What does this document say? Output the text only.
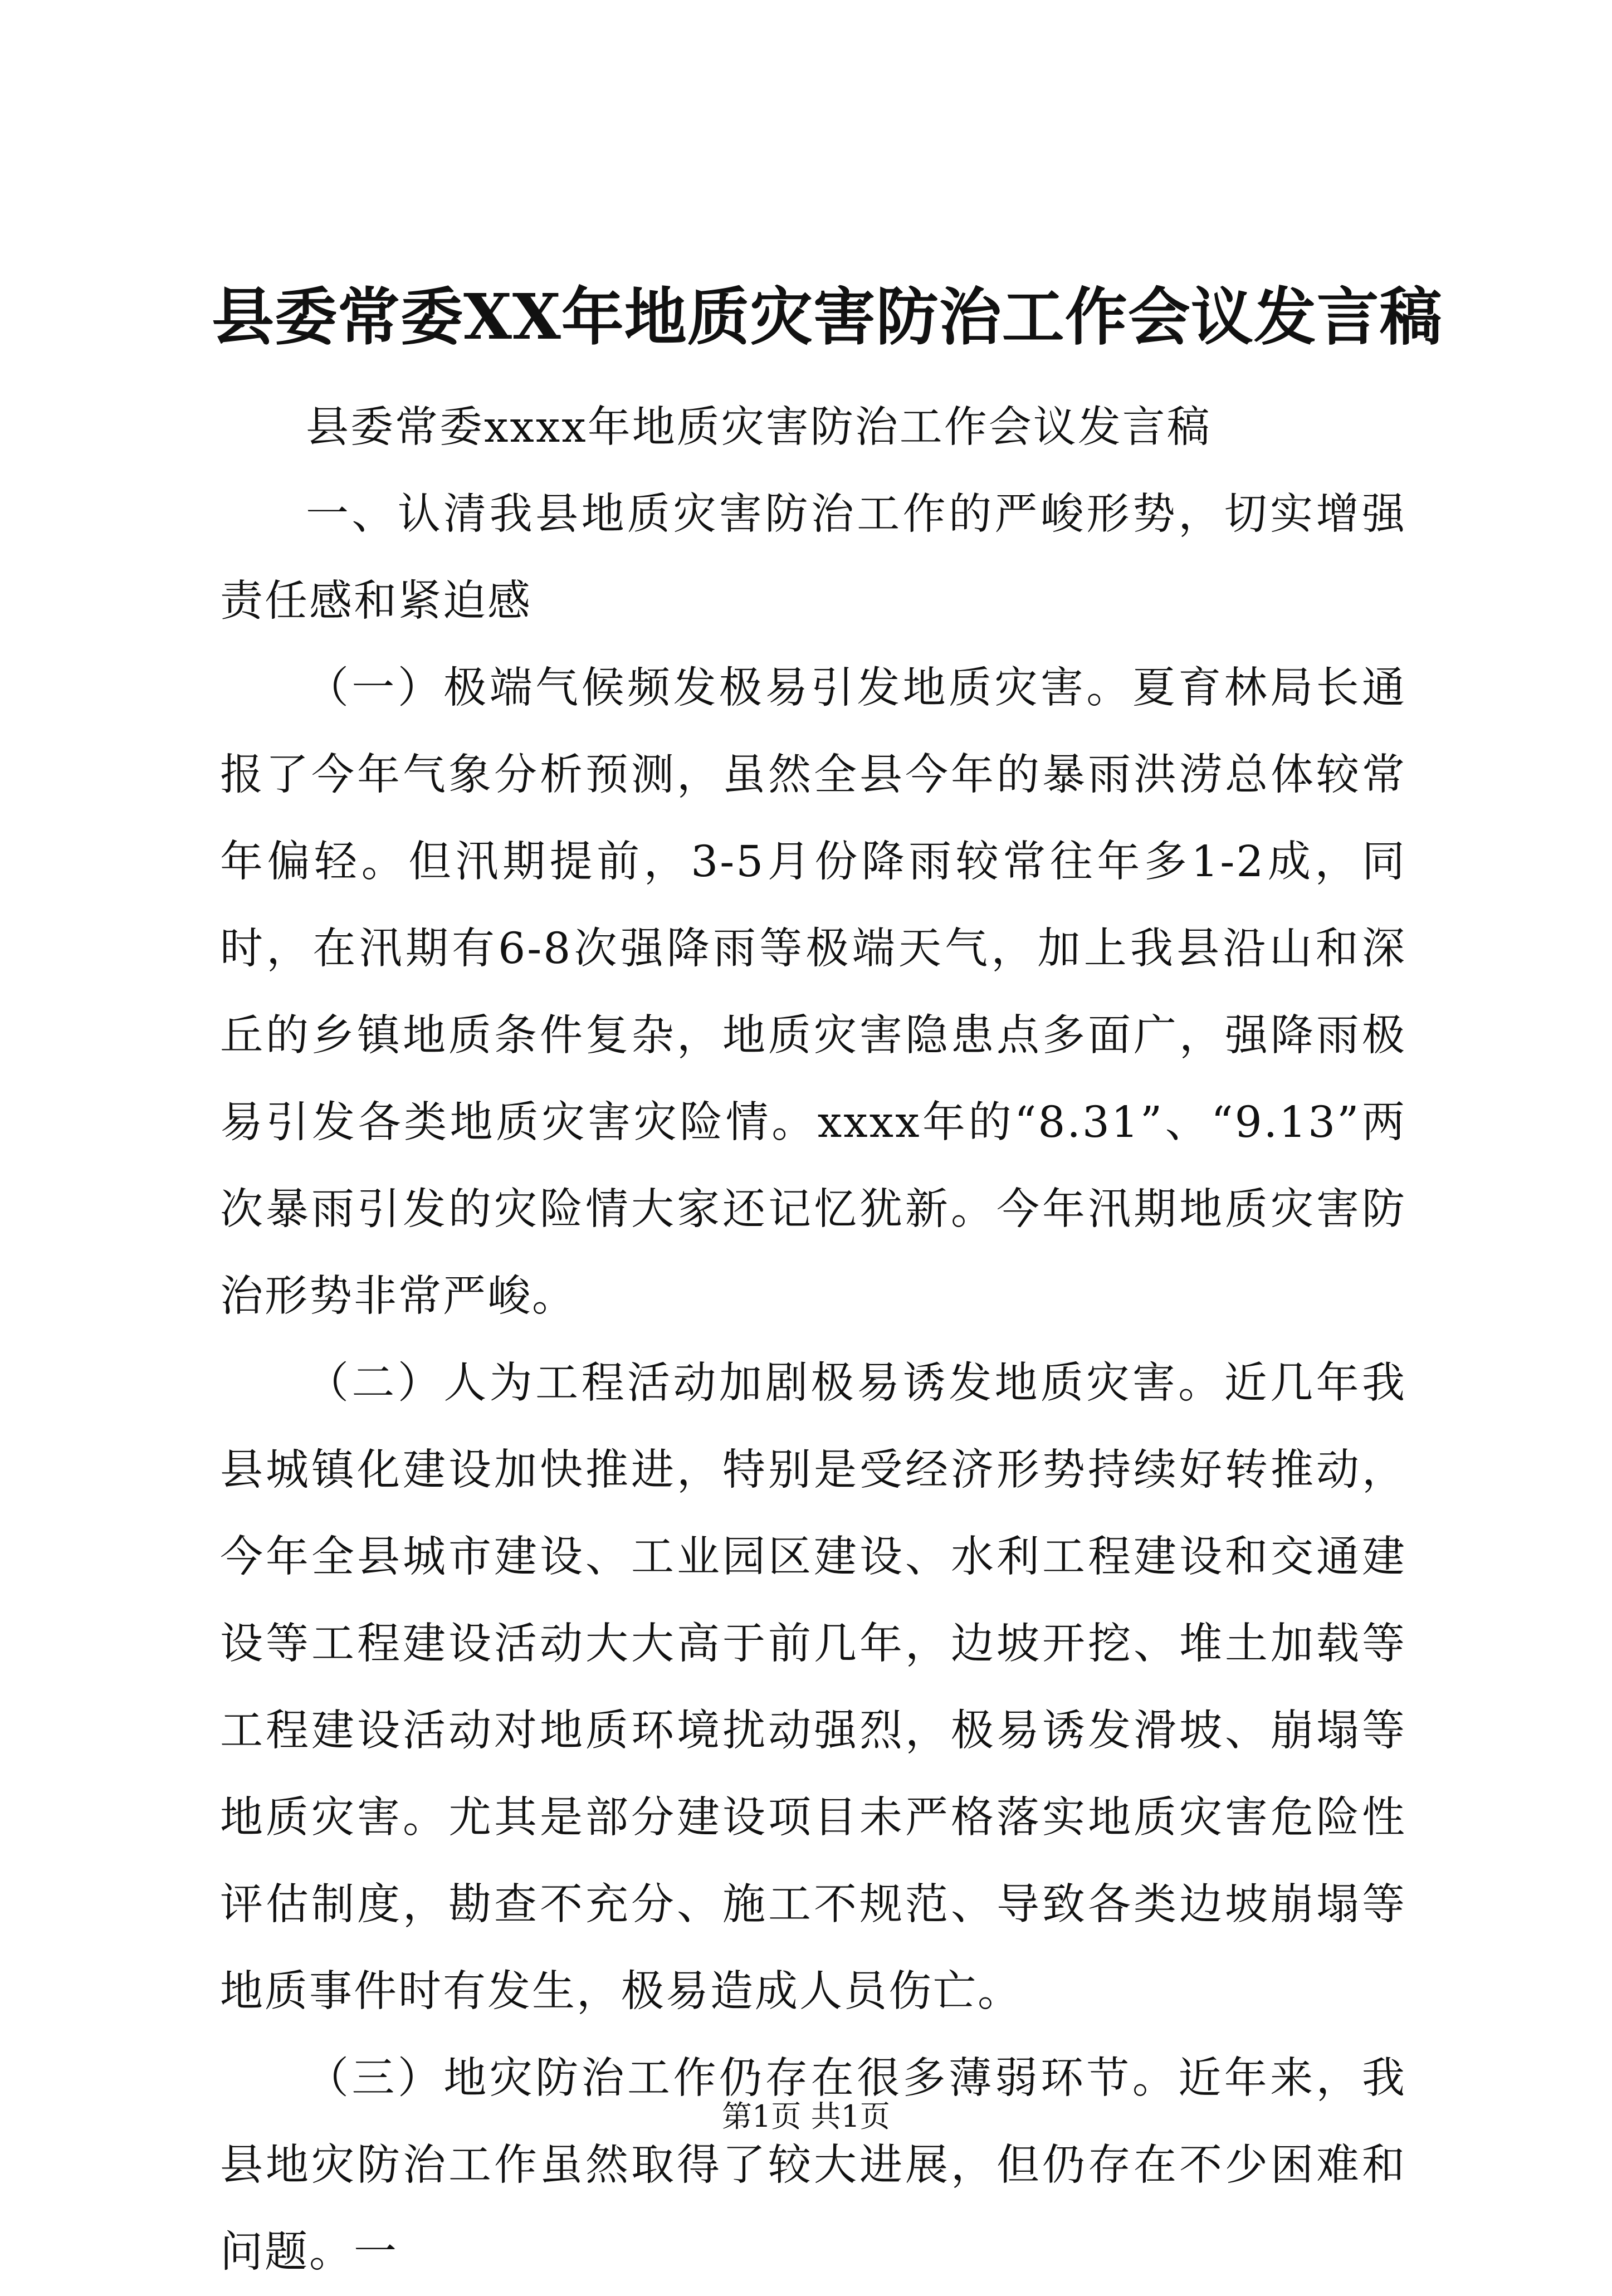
县委常委XX年地质灾害防治工作会议发言稿

县委常委xxxx年地质灾害防治工作会议发言稿

一、认清我县地质灾害防治工作的严峻形势，切实增强责任感和紧迫感

（一）极端气候频发极易引发地质灾害。夏育林局长通报了今年气象分析预测，虽然全县今年的暴雨洪涝总体较常年偏轻。但汛期提前，3-5月份降雨较常往年多1-2成，同时，在汛期有6-8次强降雨等极端天气，加上我县沿山和深丘的乡镇地质条件复杂，地质灾害隐患点多面广，强降雨极易引发各类地质灾害灾险情。xxxx年的“8.31”、“9.13”两次暴雨引发的灾险情大家还记忆犹新。今年汛期地质灾害防治形势非常严峻。

（二）人为工程活动加剧极易诱发地质灾害。近几年我县城镇化建设加快推进，特别是受经济形势持续好转推动，今年全县城市建设、工业园区建设、水利工程建设和交通建设等工程建设活动大大高于前几年，边坡开挖、堆土加载等工程建设活动对地质环境扰动强烈，极易诱发滑坡、崩塌等地质灾害。尤其是部分建设项目未严格落实地质灾害危险性评估制度，勘查不充分、施工不规范、导致各类边坡崩塌等地质事件时有发生，极易造成人员伤亡。

（三）地灾防治工作仍存在很多薄弱环节。近年来，我县地灾防治工作虽然取得了较大进展，但仍存在不少困难和问题。一

第1页 共1页
